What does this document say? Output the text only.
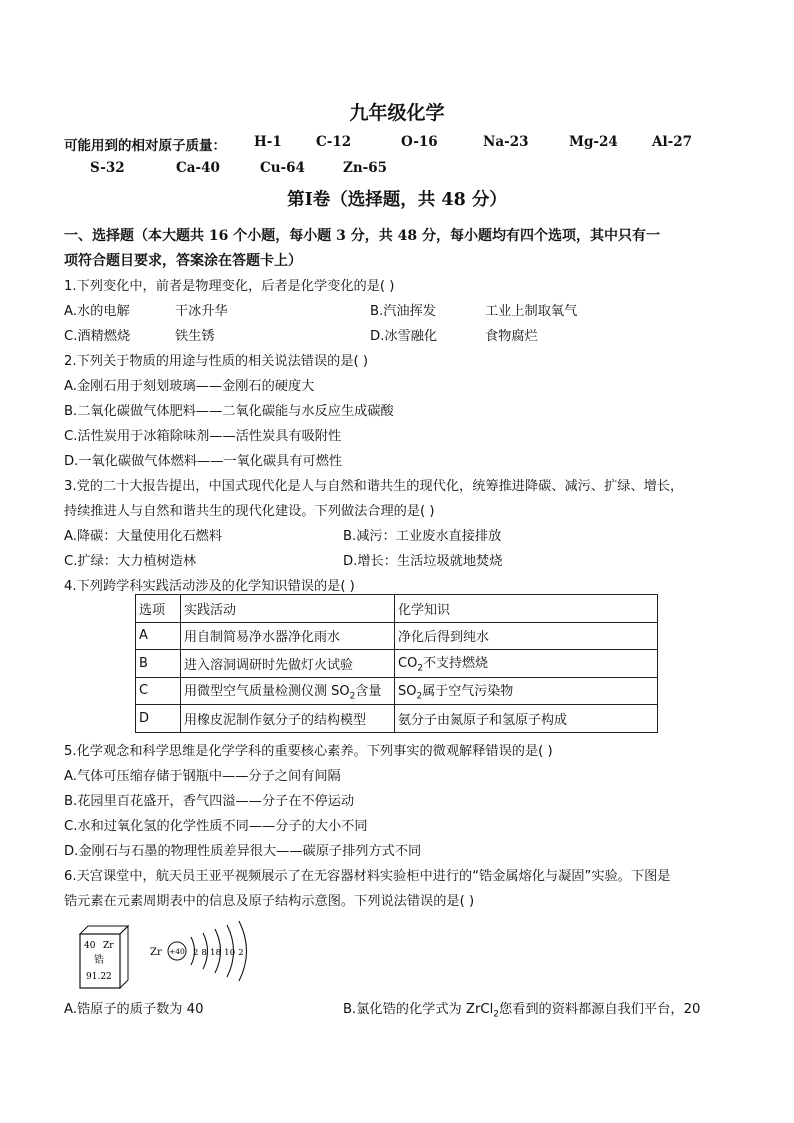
九年级化学
可能用到的相对原子质量： H-1	C-12	O-16	Na-23	Mg-24	Al-27
S-32	Ca-40	Cu-64	Zn-65
第Ⅰ卷（选择题，共 48 分）
一、选择题（本大题共 16 个小题，每小题 3 分，共 48 分，每小题均有四个选项，其中只有一
项符合题目要求，答案涂在答题卡上）
1.下列变化中，前者是物理变化，后者是化学变化的是( )
A.水的电解	干冰升华	B.汽油挥发	工业上制取氧气
C.酒精燃烧	铁生锈	D.冰雪融化	食物腐烂
2.下列关于物质的用途与性质的相关说法错误的是( )
A.金刚石用于刻划玻璃——金刚石的硬度大
B.二氧化碳做气体肥料——二氧化碳能与水反应生成碳酸
C.活性炭用于冰箱除味剂——活性炭具有吸附性
D.一氧化碳做气体燃料——一氧化碳具有可燃性
3.党的二十大报告提出，中国式现代化是人与自然和谐共生的现代化，统筹推进降碳、减污、扩绿、增长，
持续推进人与自然和谐共生的现代化建设。下列做法合理的是( )
A.降碳：大量使用化石燃料	B.减污：工业废水直接排放
C.扩绿：大力植树造林	D.增长：生活垃圾就地焚烧
4.下列跨学科实践活动涉及的化学知识错误的是( )
选项	实践活动	化学知识
A	用自制简易净水器净化雨水	净化后得到纯水
B	进入溶洞调研时先做灯火试验	$CO_2$不支持燃烧
C	用微型空气质量检测仪测 $SO_2$含量	$SO_2$属于空气污染物
D	用橡皮泥制作氨分子的结构模型	氨分子由氮原子和氢原子构成
5.化学观念和科学思维是化学学科的重要核心素养。下列事实的微观解释错误的是( )
A.气体可压缩存储于钢瓶中——分子之间有间隔
B.花园里百花盛开，香气四溢——分子在不停运动
C.水和过氧化氢的化学性质不同——分子的大小不同
D.金刚石与石墨的物理性质差异很大——碳原子排列方式不同
6.天宫课堂中，航天员王亚平视频展示了在无容器材料实验柜中进行的“锆金属熔化与凝固”实验。下图是
锆元素在元素周期表中的信息及原子结构示意图。下列说法错误的是( )
40 Zr
锆
91.22
Zr +40 2 8 18 10 2
A.锆原子的质子数为 40	B.氯化锆的化学式为 ZrCl$_2$您看到的资料都源自我们平台，20
